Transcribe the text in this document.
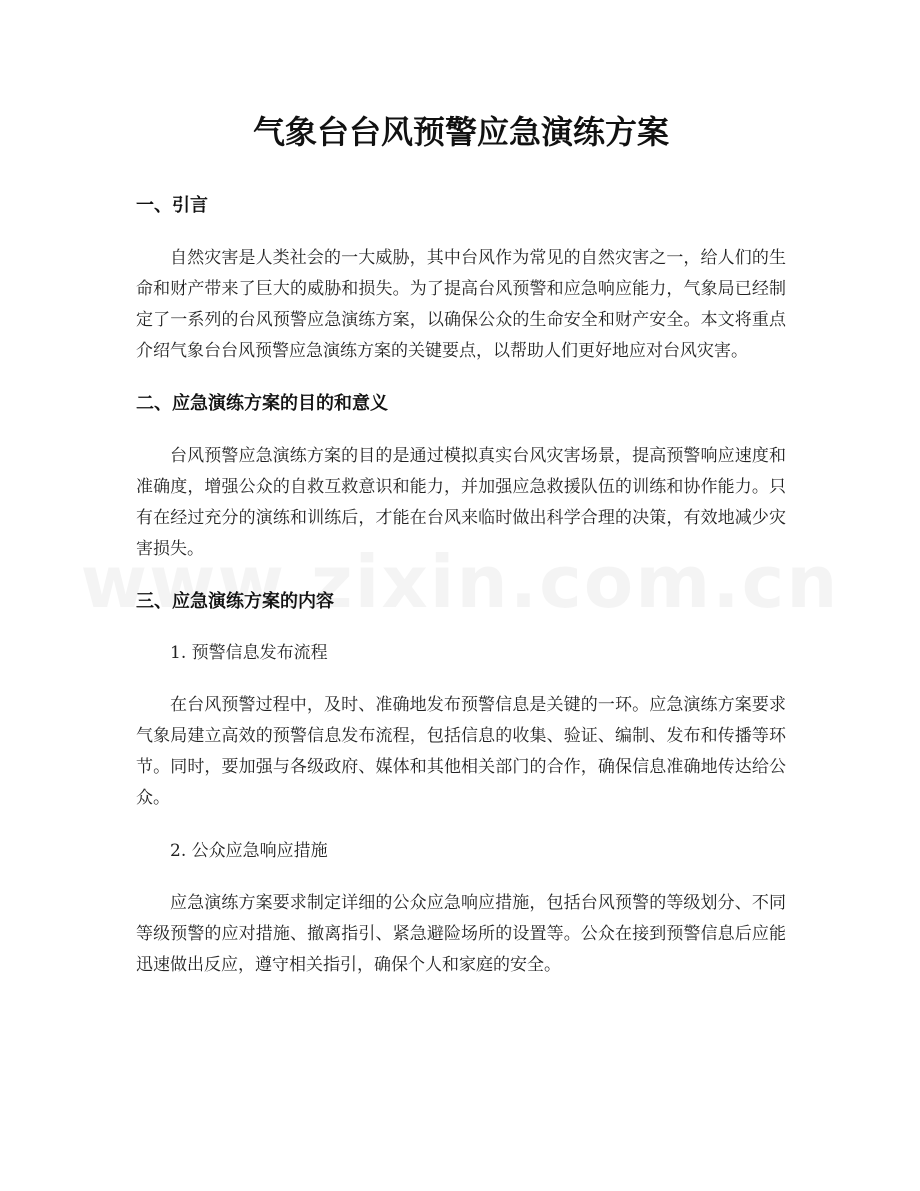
气象台台风预警应急演练方案
一、引言

自然灾害是人类社会的一大威胁，其中台风作为常见的自然灾害之一，给人们的生命和财产带来了巨大的威胁和损失。为了提高台风预警和应急响应能力，气象局已经制定了一系列的台风预警应急演练方案，以确保公众的生命安全和财产安全。本文将重点介绍气象台台风预警应急演练方案的关键要点，以帮助人们更好地应对台风灾害。

二、应急演练方案的目的和意义

台风预警应急演练方案的目的是通过模拟真实台风灾害场景，提高预警响应速度和准确度，增强公众的自救互救意识和能力，并加强应急救援队伍的训练和协作能力。只有在经过充分的演练和训练后，才能在台风来临时做出科学合理的决策，有效地减少灾害损失。

三、应急演练方案的内容

1. 预警信息发布流程

在台风预警过程中，及时、准确地发布预警信息是关键的一环。应急演练方案要求气象局建立高效的预警信息发布流程，包括信息的收集、验证、编制、发布和传播等环节。同时，要加强与各级政府、媒体和其他相关部门的合作，确保信息准确地传达给公众。

2. 公众应急响应措施

应急演练方案要求制定详细的公众应急响应措施，包括台风预警的等级划分、不同等级预警的应对措施、撤离指引、紧急避险场所的设置等。公众在接到预警信息后应能迅速做出反应，遵守相关指引，确保个人和家庭的安全。
